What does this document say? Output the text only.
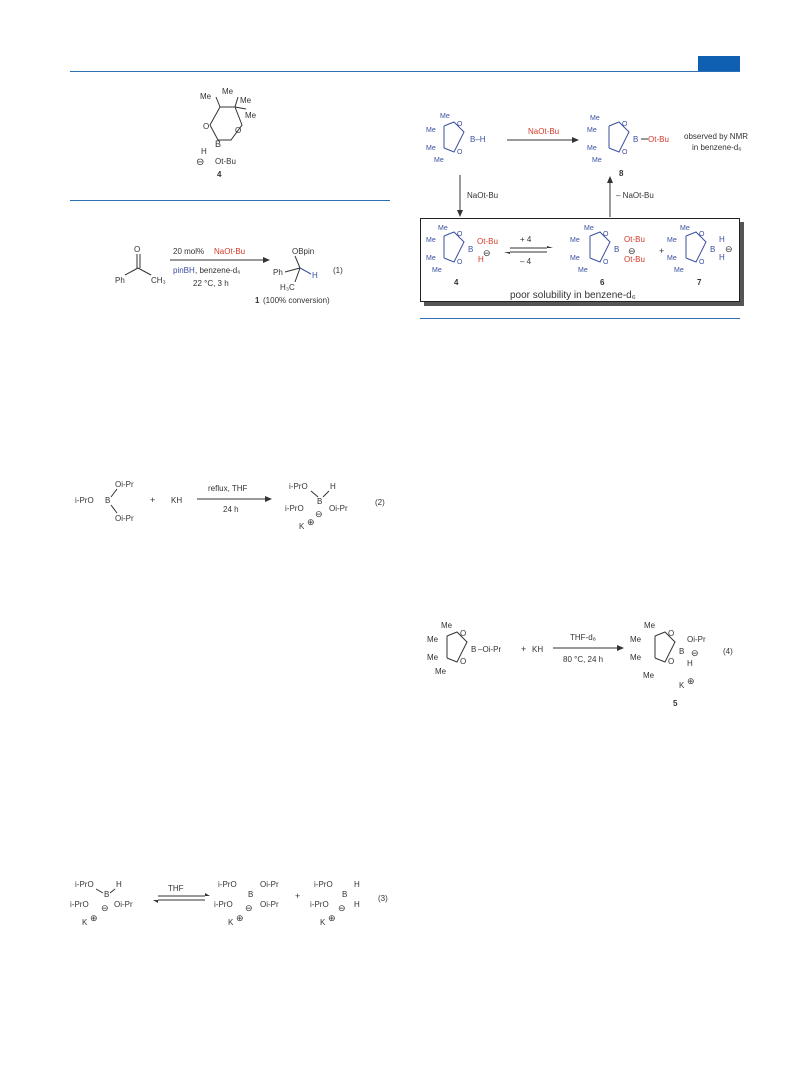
Me
Me
Me
Me
O	O
B
H
⊖ Ot-Bu
4
O
Ph	CH₃
20 mol% NaOt-Bu
pinBH , benzene-d₆
22 °C, 3 h
OBpin
Ph	H
H₃C
(1)
1 (100% conversion)
Oi-Pr
i-PrO B
Oi-Pr
+ KH
reflux, THF
24 h
i-PrO	H
B
i-PrO
⊖
Oi-Pr
K ⊕
(2)
i-PrO	H
B
i-PrO ⊖ Oi-Pr
K ⊕
THF	i-PrO	Oi-Pr
B
i-PrO ⊖ Oi-Pr
K ⊕
+
i-PrO
B
H
i-PrO ⊖ H
K ⊕
(3)
Me
Me
Me
Me
O
O
B–H
NaOt-Bu
Me
Me
Me
Me
O
O
B Ot-Bu
8
observed by NMR
in benzene-d₆
NaOt-Bu	– NaOt-Bu
Me
Me
Me
Me
O
O
B
Ot-Bu
⊖
H
4
+ 4
– 4
Me
Me
Me
Me
O
O
B
Ot-Bu
⊖
Ot-Bu
6
+
Me
Me
Me
Me
O
O
B
H
⊖
H
7
poor solubility in benzene-d₆
Me
Me
Me
Me
O
O
B –Oi-Pr + KH
THF-d₈
80 °C, 24 h
Me
Me
Me
Me
O
O
B
Oi-Pr
⊖
H
K ⊕
5
(4)
